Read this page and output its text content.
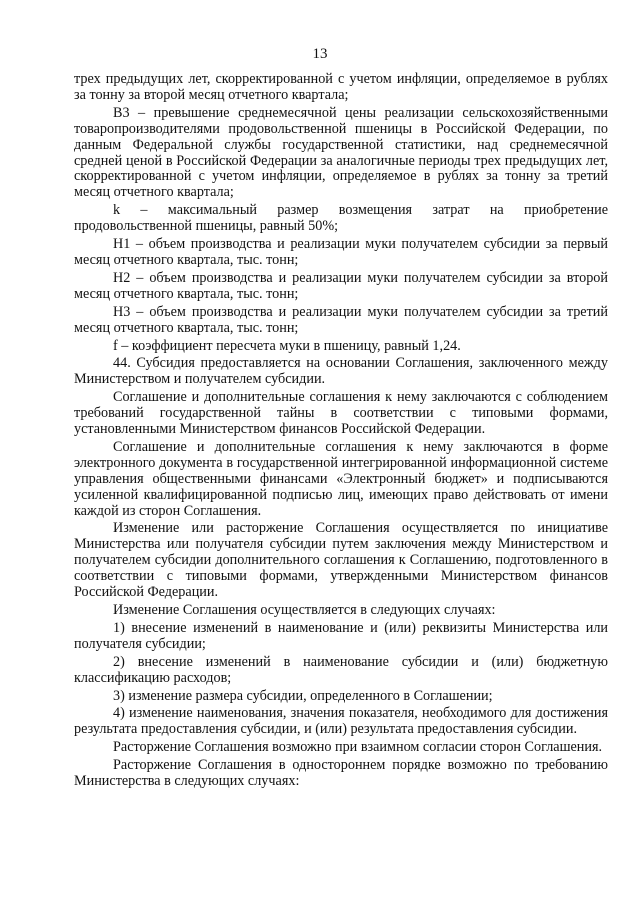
13

трех предыдущих лет, скорректированной с учетом инфляции, определяемое в рублях за тонну за второй месяц отчетного квартала;

В3 – превышение среднемесячной цены реализации сельскохозяйственными товаропроизводителями продовольственной пшеницы в Российской Федерации, по данным Федеральной службы государственной статистики, над среднемесячной средней ценой в Российской Федерации за аналогичные периоды трех предыдущих лет, скорректированной с учетом инфляции, определяемое в рублях за тонну за третий месяц отчетного квартала;

k – максимальный размер возмещения затрат на приобретение продовольственной пшеницы, равный 50%;

Н1 – объем производства и реализации муки получателем субсидии за первый месяц отчетного квартала, тыс. тонн;

Н2 – объем производства и реализации муки получателем субсидии за второй месяц отчетного квартала, тыс. тонн;

Н3 – объем производства и реализации муки получателем субсидии за третий месяц отчетного квартала, тыс. тонн;

f – коэффициент пересчета муки в пшеницу, равный 1,24.

44. Субсидия предоставляется на основании Соглашения, заключенного между Министерством и получателем субсидии.

Соглашение и дополнительные соглашения к нему заключаются с соблюдением требований государственной тайны в соответствии с типовыми формами, установленными Министерством финансов Российской Федерации.

Соглашение и дополнительные соглашения к нему заключаются в форме электронного документа в государственной интегрированной информационной системе управления общественными финансами «Электронный бюджет» и подписываются усиленной квалифицированной подписью лиц, имеющих право действовать от имени каждой из сторон Соглашения.

Изменение или расторжение Соглашения осуществляется по инициативе Министерства или получателя субсидии путем заключения между Министерством и получателем субсидии дополнительного соглашения к Соглашению, подготовленного в соответствии с типовыми формами, утвержденными Министерством финансов Российской Федерации.

Изменение Соглашения осуществляется в следующих случаях:

1) внесение изменений в наименование и (или) реквизиты Министерства или получателя субсидии;

2) внесение изменений в наименование субсидии и (или) бюджетную классификацию расходов;

3) изменение размера субсидии, определенного в Соглашении;

4) изменение наименования, значения показателя, необходимого для достижения результата предоставления субсидии, и (или) результата предоставления субсидии.

Расторжение Соглашения возможно при взаимном согласии сторон Соглашения.

Расторжение Соглашения в одностороннем порядке возможно по требованию Министерства в следующих случаях:
